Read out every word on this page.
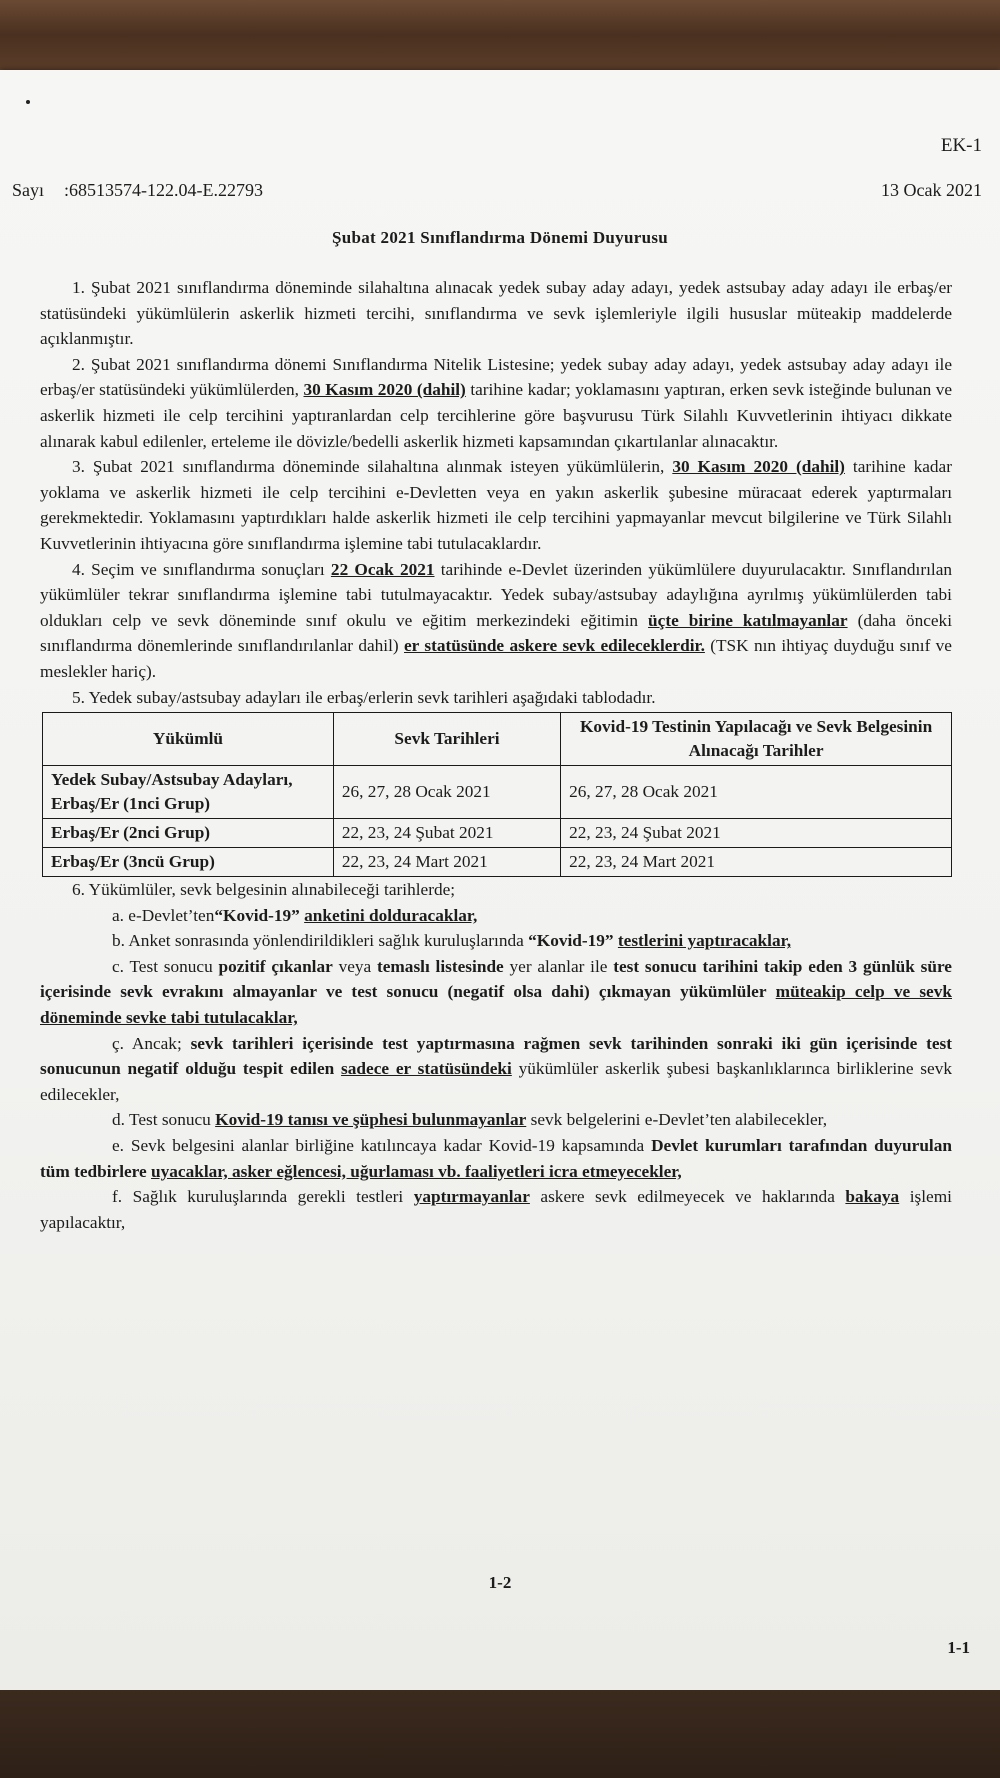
EK-1
Sayı :68513574-122.04-E.22793	13 Ocak 2021
Şubat 2021 Sınıflandırma Dönemi Duyurusu

1. Şubat 2021 sınıflandırma döneminde silahaltına alınacak yedek subay aday adayı, yedek astsubay aday adayı ile erbaş/er statüsündeki yükümlülerin askerlik hizmeti tercihi, sınıflandırma ve sevk işlemleriyle ilgili hususlar müteakip maddelerde açıklanmıştır.

2. Şubat 2021 sınıflandırma dönemi Sınıflandırma Nitelik Listesine; yedek subay aday adayı, yedek astsubay aday adayı ile erbaş/er statüsündeki yükümlülerden, 30 Kasım 2020 (dahil) tarihine kadar; yoklamasını yaptıran, erken sevk isteğinde bulunan ve askerlik hizmeti ile celp tercihini yaptıranlardan celp tercihlerine göre başvurusu Türk Silahlı Kuvvetlerinin ihtiyacı dikkate alınarak kabul edilenler, erteleme ile dövizle/bedelli askerlik hizmeti kapsamından çıkartılanlar alınacaktır.

3. Şubat 2021 sınıflandırma döneminde silahaltına alınmak isteyen yükümlülerin, 30 Kasım 2020 (dahil) tarihine kadar yoklama ve askerlik hizmeti ile celp tercihini e-Devletten veya en yakın askerlik şubesine müracaat ederek yaptırmaları gerekmektedir. Yoklamasını yaptırdıkları halde askerlik hizmeti ile celp tercihini yapmayanlar mevcut bilgilerine ve Türk Silahlı Kuvvetlerinin ihtiyacına göre sınıflandırma işlemine tabi tutulacaklardır.

4. Seçim ve sınıflandırma sonuçları 22 Ocak 2021 tarihinde e-Devlet üzerinden yükümlülere duyurulacaktır. Sınıflandırılan yükümlüler tekrar sınıflandırma işlemine tabi tutulmayacaktır. Yedek subay/astsubay adaylığına ayrılmış yükümlülerden tabi oldukları celp ve sevk döneminde sınıf okulu ve eğitim merkezindeki eğitimin üçte birine katılmayanlar (daha önceki sınıflandırma dönemlerinde sınıflandırılanlar dahil) er statüsünde askere sevk edileceklerdir. (TSK nın ihtiyaç duyduğu sınıf ve meslekler hariç).

5. Yedek subay/astsubay adayları ile erbaş/erlerin sevk tarihleri aşağıdaki tablodadır.

Yükümlü	Sevk Tarihleri	Kovid-19 Testinin Yapılacağı ve Sevk Belgesinin Alınacağı Tarihler
Yedek Subay/Astsubay Adayları, Erbaş/Er (1nci Grup)	26, 27, 28 Ocak 2021	26, 27, 28 Ocak 2021
Erbaş/Er (2nci Grup)	22, 23, 24 Şubat 2021	22, 23, 24 Şubat 2021
Erbaş/Er (3ncü Grup)	22, 23, 24 Mart 2021	22, 23, 24 Mart 2021

6. Yükümlüler, sevk belgesinin alınabileceği tarihlerde;

a. e-Devlet’ten“Kovid-19” anketini dolduracaklar,

b. Anket sonrasında yönlendirildikleri sağlık kuruluşlarında “Kovid-19” testlerini yaptıracaklar,

c. Test sonucu pozitif çıkanlar veya temaslı listesinde yer alanlar ile test sonucu tarihini takip eden 3 günlük süre içerisinde sevk evrakını almayanlar ve test sonucu (negatif olsa dahi) çıkmayan yükümlüler müteakip celp ve sevk döneminde sevke tabi tutulacaklar,

ç. Ancak; sevk tarihleri içerisinde test yaptırmasına rağmen sevk tarihinden sonraki iki gün içerisinde test sonucunun negatif olduğu tespit edilen sadece er statüsündeki yükümlüler askerlik şubesi başkanlıklarınca birliklerine sevk edilecekler,

d. Test sonucu Kovid-19 tanısı ve şüphesi bulunmayanlar sevk belgelerini e-Devlet’ten alabilecekler,

e. Sevk belgesini alanlar birliğine katılıncaya kadar Kovid-19 kapsamında Devlet kurumları tarafından duyurulan tüm tedbirlere uyacaklar, asker eğlencesi, uğurlaması vb. faaliyetleri icra etmeyecekler,

f. Sağlık kuruluşlarında gerekli testleri yaptırmayanlar askere sevk edilmeyecek ve haklarında bakaya işlemi yapılacaktır,

1-2
1-1
